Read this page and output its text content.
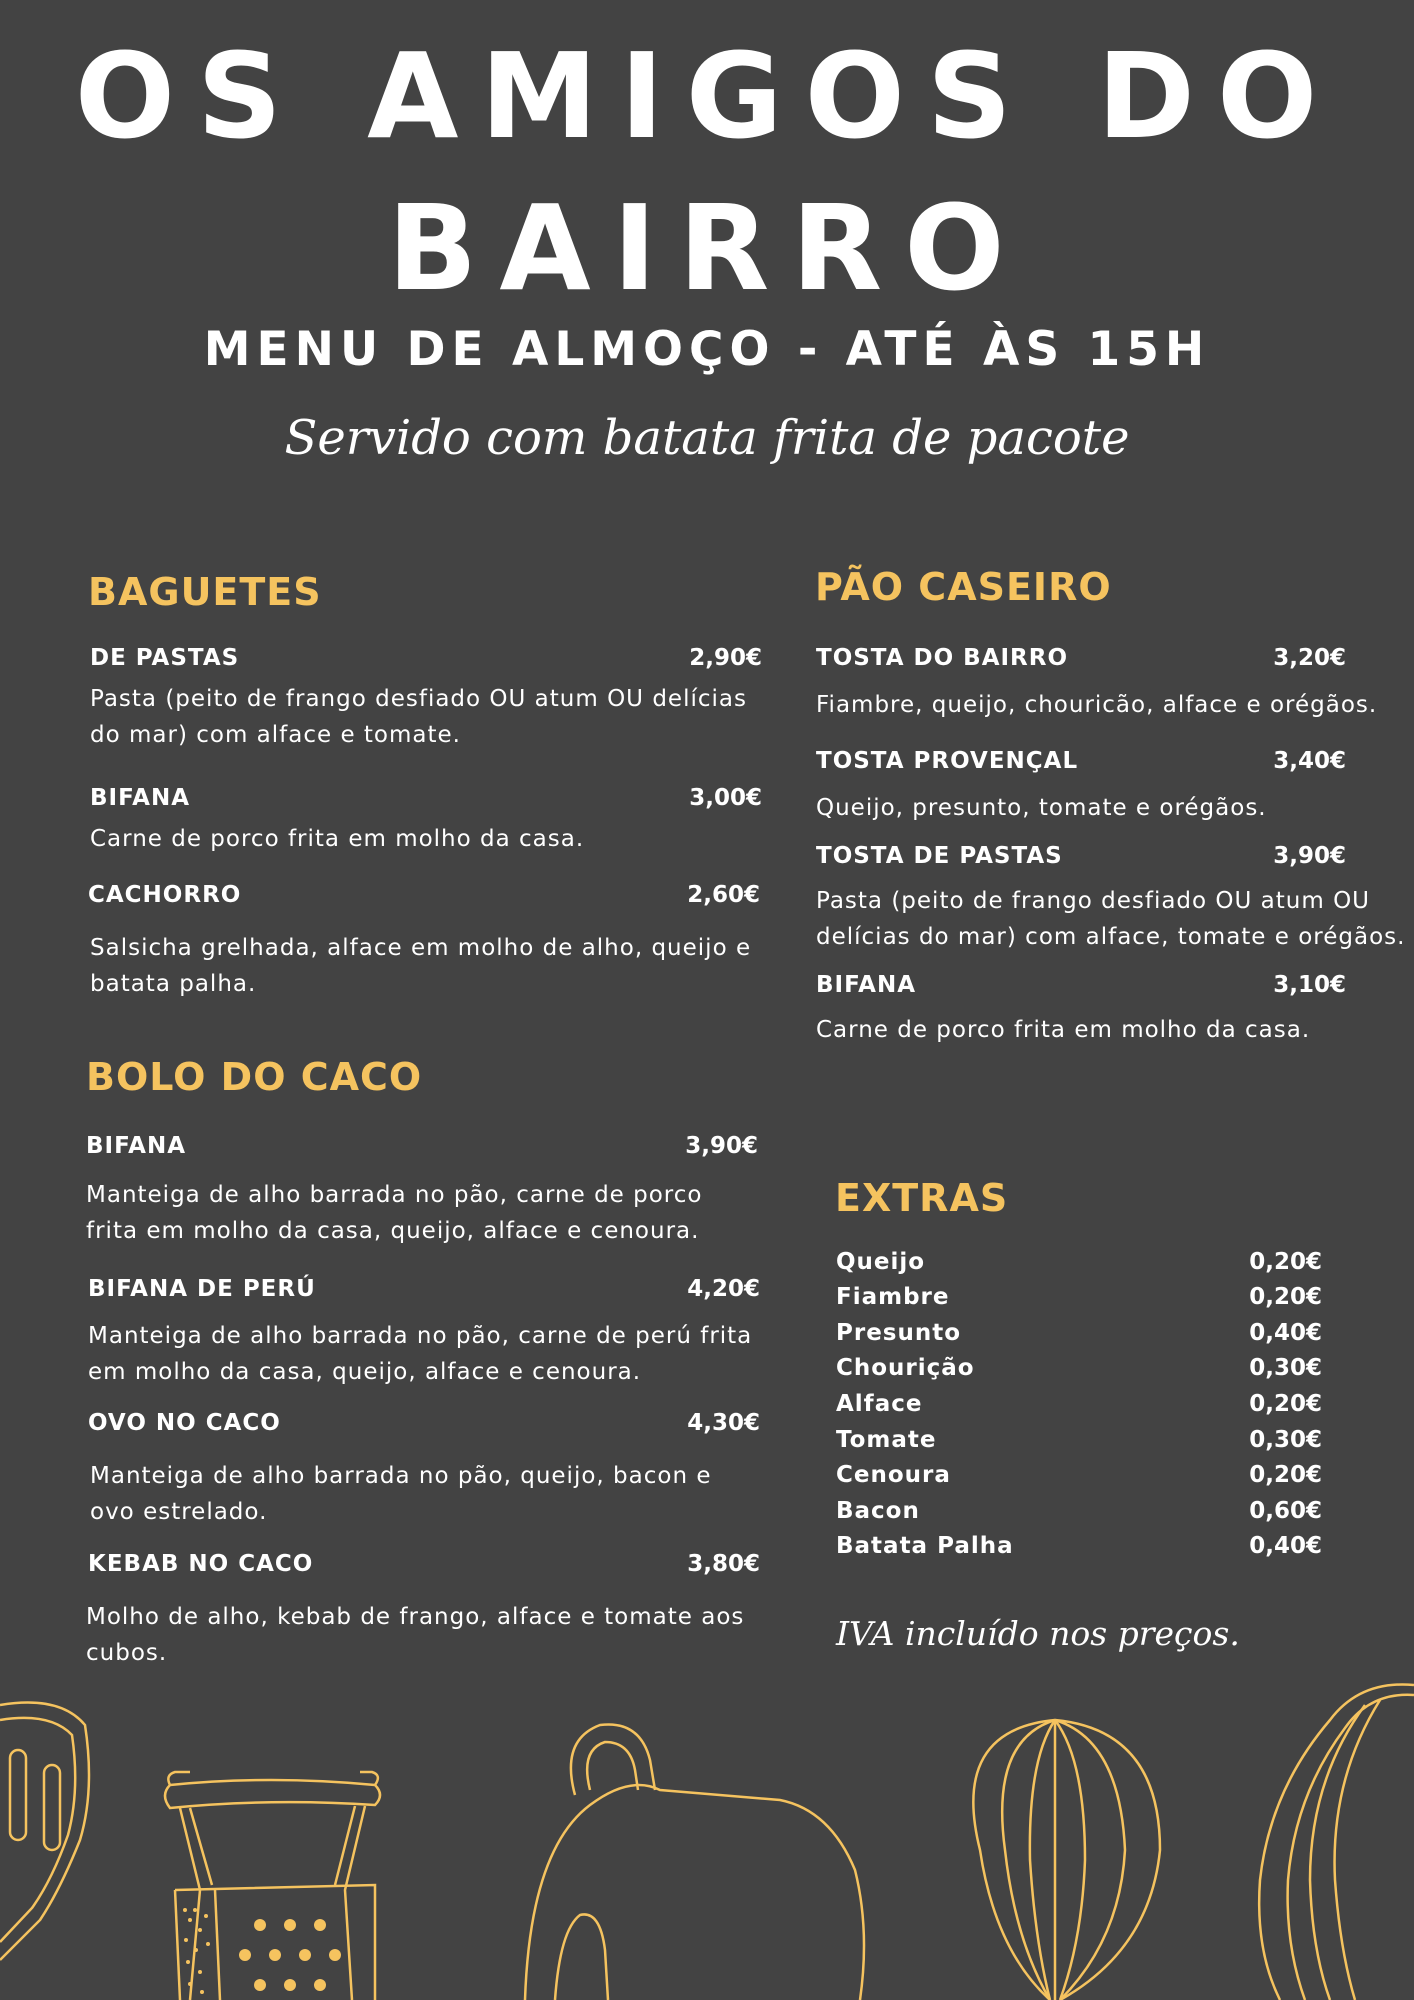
OS AMIGOS DO
BAIRRO
MENU DE ALMOÇO - ATÉ ÀS 15H

Servido com batata frita de pacote

BAGUETES
DE PASTAS	2,90€
Pasta (peito de frango desfiado OU atum OU delícias do mar) com alface e tomate.
BIFANA	3,00€
Carne de porco frita em molho da casa.
CACHORRO	2,60€
Salsicha grelhada, alface em molho de alho, queijo e batata palha.
BOLO DO CACO
BIFANA	3,90€
Manteiga de alho barrada no pão, carne de porco frita em molho da casa, queijo, alface e cenoura.
BIFANA DE PERÚ	4,20€
Manteiga de alho barrada no pão, carne de perú frita em molho da casa, queijo, alface e cenoura.
OVO NO CACO	4,30€
Manteiga de alho barrada no pão, queijo, bacon e ovo estrelado.
KEBAB NO CACO	3,80€
Molho de alho, kebab de frango, alface e tomate aos cubos.
PÃO CASEIRO
TOSTA DO BAIRRO	3,20€
Fiambre, queijo, chouricão, alface e orégãos.
TOSTA PROVENÇAL	3,40€
Queijo, presunto, tomate e orégãos.
TOSTA DE PASTAS	3,90€
Pasta (peito de frango desfiado OU atum OU delícias do mar) com alface, tomate e orégãos.
BIFANA	3,10€
Carne de porco frita em molho da casa.
EXTRAS
Queijo	0,20€
Fiambre	0,20€
Presunto	0,40€
Chourição	0,30€
Alface	0,20€
Tomate	0,30€
Cenoura	0,20€
Bacon	0,60€
Batata Palha	0,40€

IVA incluído nos preços.
